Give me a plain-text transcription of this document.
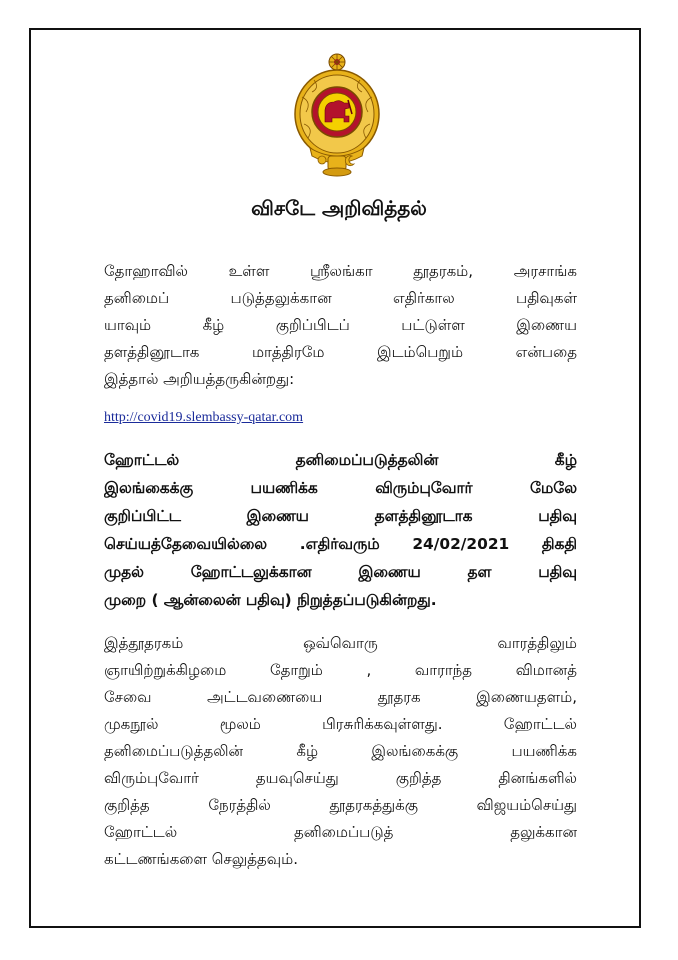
விசடே அறிவித்தல்
தோஹாவில் உள்ள ஸ்ரீலங்கா தூதரகம், அரசாங்க
தனிமைப் படுத்தலுக்கான எதிர்கால பதிவுகள்
யாவும் கீழ் குறிப்பிடப் பட்டுள்ள இணைய
தளத்தினூடாக மாத்திரமே இடம்பெறும் என்பதை
இத்தால் அறியத்தருகின்றது:
http://covid19.slembassy-qatar.com
ஹோட்டல் தனிமைப்படுத்தலின் கீழ்
இலங்கைக்கு பயணிக்க விரும்புவோர் மேலே
குறிப்பிட்ட இணைய தளத்தினூடாக பதிவு
செய்யத்தேவையில்லை .எதிர்வரும் 24/02/2021 திகதி
முதல் ஹோட்டலுக்கான இணைய தள பதிவு
முறை ( ஆன்லைன் பதிவு) நிறுத்தப்படுகின்றது.
இத்தூதரகம் ஒவ்வொரு வாரத்திலும்
ஞாயிற்றுக்கிழமை தோறும் , வாராந்த விமானத்
சேவை அட்டவணையை தூதரக இணையதளம்,
முகநூல் மூலம் பிரசுரிக்கவுள்ளது. ஹோட்டல்
தனிமைப்படுத்தலின் கீழ் இலங்கைக்கு பயணிக்க
விரும்புவோர் தயவுசெய்து குறித்த தினங்களில்
குறித்த நேரத்தில் தூதரகத்துக்கு விஜயம்செய்து
ஹோட்டல் தனிமைப்படுத் தலுக்கான
கட்டணங்களை செலுத்தவும்.
